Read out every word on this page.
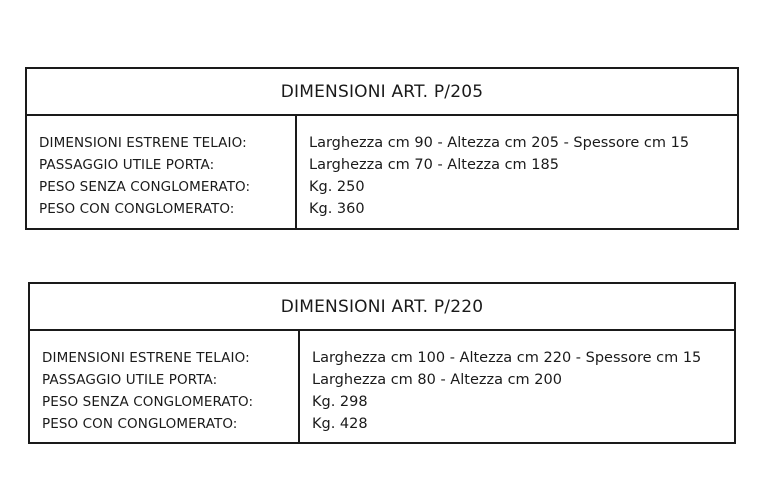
DIMENSIONI ART. P/205
DIMENSIONI ESTRENE TELAIO:
PASSAGGIO UTILE PORTA:
PESO SENZA CONGLOMERATO:
PESO CON CONGLOMERATO:
Larghezza cm 90 - Altezza cm 205 - Spessore cm 15
Larghezza cm 70 - Altezza cm 185
Kg. 250
Kg. 360
DIMENSIONI ART. P/220
DIMENSIONI ESTRENE TELAIO:
PASSAGGIO UTILE PORTA:
PESO SENZA CONGLOMERATO:
PESO CON CONGLOMERATO:
Larghezza cm 100 - Altezza cm 220 - Spessore cm 15
Larghezza cm 80 - Altezza cm 200
Kg. 298
Kg. 428
